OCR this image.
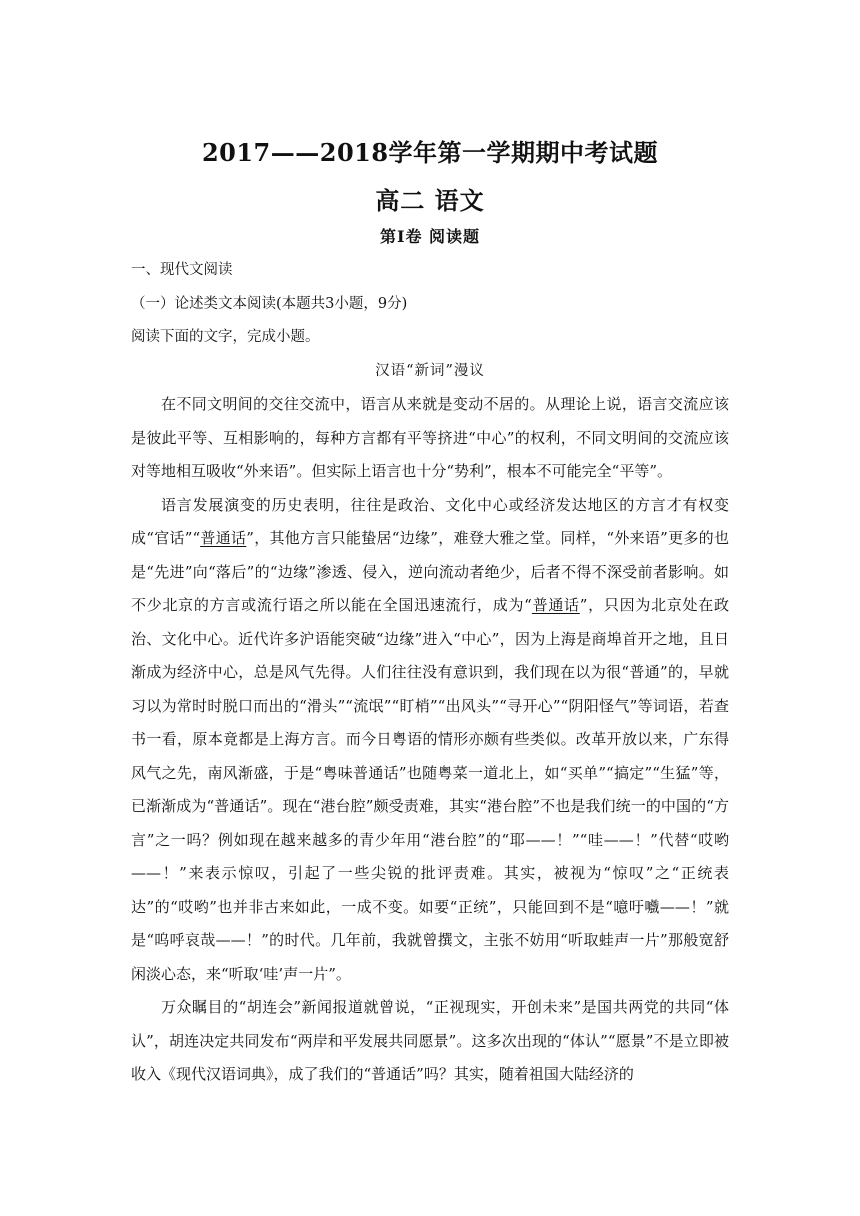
2017——2018学年第一学期期中考试题
高二 语文
第Ⅰ卷 阅读题
一、现代文阅读
（一）论述类文本阅读(本题共3小题，9分)
阅读下面的文字，完成小题。
汉语“新词”漫议

在不同文明间的交往交流中，语言从来就是变动不居的。从理论上说，语言交流应该是彼此平等、互相影响的，每种方言都有平等挤进“中心”的权利，不同文明间的交流应该对等地相互吸收“外来语”。但实际上语言也十分“势利”，根本不可能完全“平等”。

语言发展演变的历史表明，往往是政治、文化中心或经济发达地区的方言才有权变成“官话”“普通话”，其他方言只能蛰居“边缘”，难登大雅之堂。同样，“外来语”更多的也是“先进”向“落后”的“边缘”渗透、侵入，逆向流动者绝少，后者不得不深受前者影响。如不少北京的方言或流行语之所以能在全国迅速流行，成为“普通话”，只因为北京处在政治、文化中心。近代许多沪语能突破“边缘”进入“中心”，因为上海是商埠首开之地，且日渐成为经济中心，总是风气先得。人们往往没有意识到，我们现在以为很“普通”的，早就习以为常时时脱口而出的“滑头”“流氓”“盯梢”“出风头”“寻开心”“阴阳怪气”等词语，若查书一看，原本竟都是上海方言。而今日粤语的情形亦颇有些类似。改革开放以来，广东得风气之先，南风渐盛，于是“粤味普通话”也随粤菜一道北上，如“买单”“搞定”“生猛”等，已渐渐成为“普通话”。现在“港台腔”颇受责难，其实“港台腔”不也是我们统一的中国的“方言”之一吗？例如现在越来越多的青少年用“港台腔”的“耶——！”“哇——！”代替“哎哟——！”来表示惊叹，引起了一些尖锐的批评责难。其实，被视为“惊叹”之“正统表达”的“哎哟”也并非古来如此，一成不变。如要“正统”，只能回到不是“噫吁嚱——！”就是“呜呼哀哉——！”的时代。几年前，我就曾撰文，主张不妨用“听取蛙声一片”那般宽舒闲淡心态，来“听取‘哇’声一片”。

万众瞩目的“胡连会”新闻报道就曾说，“正视现实，开创未来”是国共两党的共同“体认”，胡连决定共同发布“两岸和平发展共同愿景”。这多次出现的“体认”“愿景”不是立即被收入《现代汉语词典》，成了我们的“普通话”吗？其实，随着祖国大陆经济的
